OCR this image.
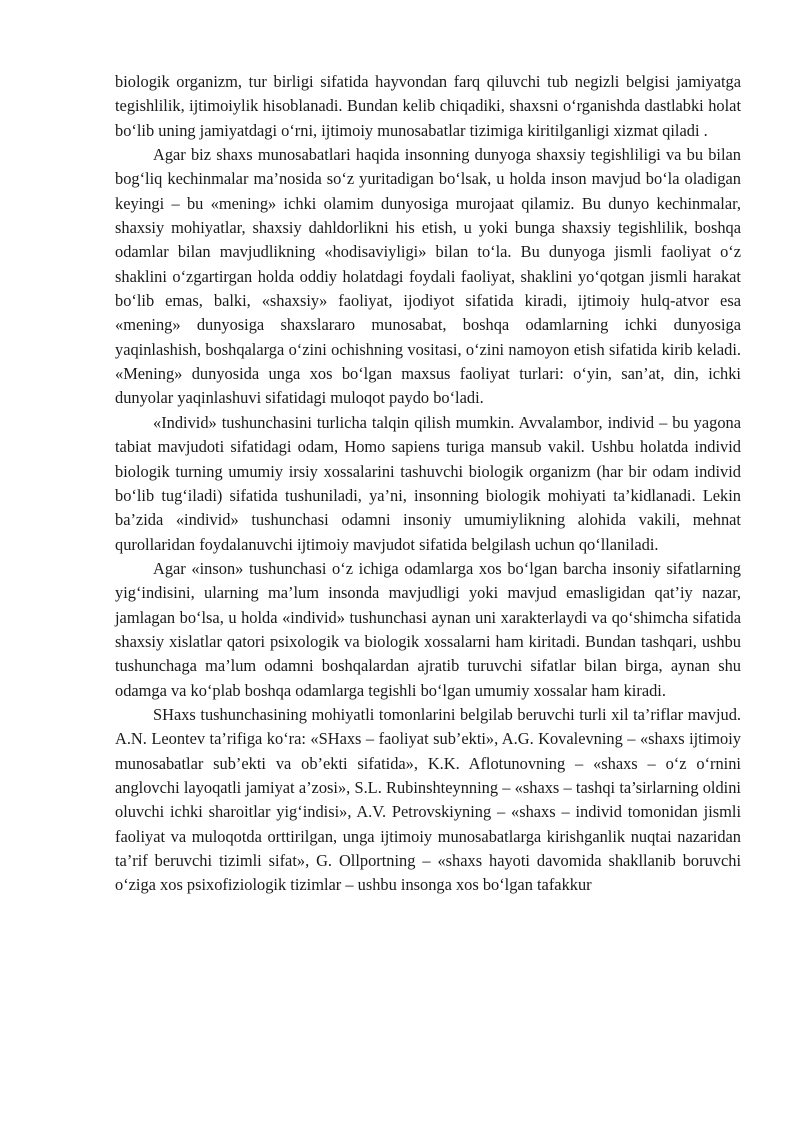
biologik organizm, tur birligi sifatida hayvondan farq qiluvchi tub negizli belgisi jamiyatga tegishlilik, ijtimoiylik hisoblanadi. Bundan kelib chiqadiki, shaxsni o‘rganishda dastlabki holat bo‘lib uning jamiyatdagi o‘rni, ijtimoiy munosabatlar tizimiga kiritilganligi xizmat qiladi .

Agar biz shaxs munosabatlari haqida insonning dunyoga shaxsiy tegishliligi va bu bilan bog‘liq kechinmalar ma’nosida so‘z yuritadigan bo‘lsak, u holda inson mavjud bo‘la oladigan keyingi – bu «mening» ichki olamim dunyosiga murojaat qilamiz. Bu dunyo kechinmalar, shaxsiy mohiyatlar, shaxsiy dahldorlikni his etish, u yoki bunga shaxsiy tegishlilik, boshqa odamlar bilan mavjudlikning «hodisaviyligi» bilan to‘la. Bu dunyoga jismli faoliyat o‘z shaklini o‘zgartirgan holda oddiy holatdagi foydali faoliyat, shaklini yo‘qotgan jismli harakat bo‘lib emas, balki, «shaxsiy» faoliyat, ijodiyot sifatida kiradi, ijtimoiy hulq-atvor esa «mening» dunyosiga shaxslararo munosabat, boshqa odamlarning ichki dunyosiga yaqinlashish, boshqalarga o‘zini ochishning vositasi, o‘zini namoyon etish sifatida kirib keladi. «Mening» dunyosida unga xos bo‘lgan maxsus faoliyat turlari: o‘yin, san’at, din, ichki dunyolar yaqinlashuvi sifatidagi muloqot paydo bo‘ladi.

«Individ» tushunchasini turlicha talqin qilish mumkin. Avvalambor, individ – bu yagona tabiat mavjudoti sifatidagi odam, Homo sapiens turiga mansub vakil. Ushbu holatda individ biologik turning umumiy irsiy xossalarini tashuvchi biologik organizm (har bir odam individ bo‘lib tug‘iladi) sifatida tushuniladi, ya’ni, insonning biologik mohiyati ta’kidlanadi. Lekin ba’zida «individ» tushunchasi odamni insoniy umumiylikning alohida vakili, mehnat qurollaridan foydalanuvchi ijtimoiy mavjudot sifatida belgilash uchun qo‘llaniladi.

Agar «inson» tushunchasi o‘z ichiga odamlarga xos bo‘lgan barcha insoniy sifatlarning yig‘indisini, ularning ma’lum insonda mavjudligi yoki mavjud emasligidan qat’iy nazar, jamlagan bo‘lsa, u holda «individ» tushunchasi aynan uni xarakterlaydi va qo‘shimcha sifatida shaxsiy xislatlar qatori psixologik va biologik xossalarni ham kiritadi. Bundan tashqari, ushbu tushunchaga ma’lum odamni boshqalardan ajratib turuvchi sifatlar bilan birga, aynan shu odamga va ko‘plab boshqa odamlarga tegishli bo‘lgan umumiy xossalar ham kiradi.

SHaxs tushunchasining mohiyatli tomonlarini belgilab beruvchi turli xil ta’riflar mavjud. A.N. Leontev ta’rifiga ko‘ra: «SHaxs – faoliyat sub’ekti», A.G. Kovalevning – «shaxs ijtimoiy munosabatlar sub’ekti va ob’ekti sifatida», K.K. Aflotunovning – «shaxs – o‘z o‘rnini anglovchi layoqatli jamiyat a’zosi», S.L. Rubinshteynning – «shaxs – tashqi ta’sirlarning oldini oluvchi ichki sharoitlar yig‘indisi», A.V. Petrovskiyning – «shaxs – individ tomonidan jismli faoliyat va muloqotda orttirilgan, unga ijtimoiy munosabatlarga kirishganlik nuqtai nazaridan ta’rif beruvchi tizimli sifat», G. Ollportning – «shaxs hayoti davomida shakllanib boruvchi o‘ziga xos psixofiziologik tizimlar – ushbu insonga xos bo‘lgan tafakkur
